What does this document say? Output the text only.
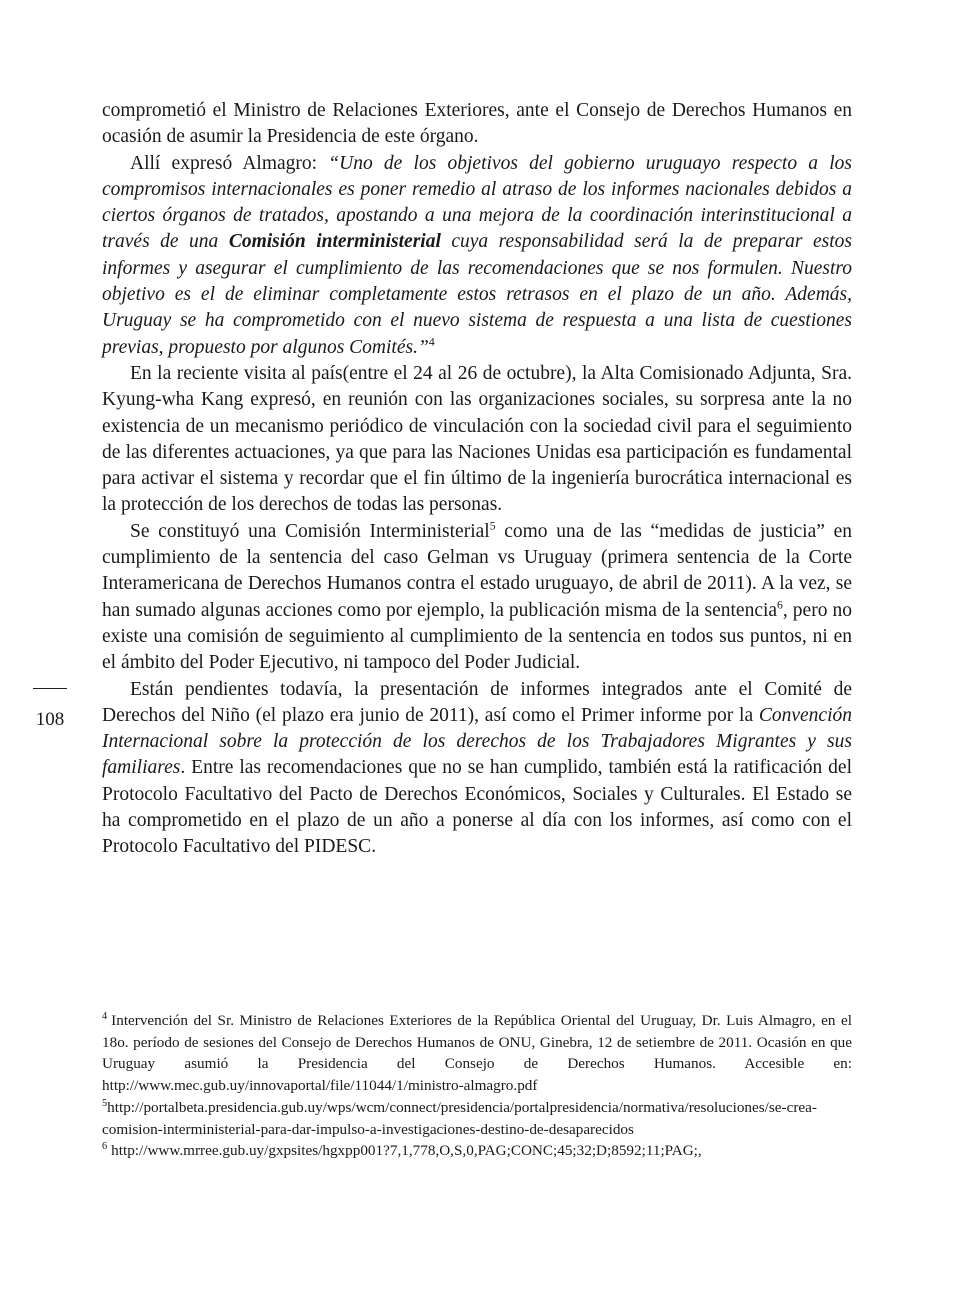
comprometió el Ministro de Relaciones Exteriores, ante el Consejo de Derechos Humanos en ocasión de asumir la Presidencia de este órgano.

Allí expresó Almagro: “Uno de los objetivos del gobierno uruguayo respecto a los compromisos internacionales es poner remedio al atraso de los informes nacionales debidos a ciertos órganos de tratados, apostando a una mejora de la coordinación interinstitucional a través de una Comisión interministerial cuya responsabilidad será la de preparar estos informes y asegurar el cumplimiento de las recomendaciones que se nos formulen. Nuestro objetivo es el de eliminar completamente estos retrasos en el plazo de un año. Además, Uruguay se ha comprometido con el nuevo sistema de respuesta a una lista de cuestiones previas, propuesto por algunos Comités.”$^4$

En la reciente visita al país(entre el 24 al 26 de octubre), la Alta Comisionado Adjunta, Sra. Kyung-wha Kang expresó, en reunión con las organizaciones sociales, su sorpresa ante la no existencia de un mecanismo periódico de vinculación con la sociedad civil para el seguimiento de las diferentes actuaciones, ya que para las Naciones Unidas esa participación es fundamental para activar el sistema y recordar que el fin último de la ingeniería burocrática internacional es la protección de los derechos de todas las personas.

Se constituyó una Comisión Interministerial$^5$ como una de las “medidas de justicia” en cumplimiento de la sentencia del caso Gelman vs Uruguay (primera sentencia de la Corte Interamericana de Derechos Humanos contra el estado uruguayo, de abril de 2011). A la vez, se han sumado algunas acciones como por ejemplo, la publicación misma de la sentencia$^6$, pero no existe una comisión de seguimiento al cumplimiento de la sentencia en todos sus puntos, ni en el ámbito del Poder Ejecutivo, ni tampoco del Poder Judicial.

Están pendientes todavía, la presentación de informes integrados ante el Comité de Derechos del Niño (el plazo era junio de 2011), así como el Primer informe por la Convención Internacional sobre la protección de los derechos de los Trabajadores Migrantes y sus familiares. Entre las recomendaciones que no se han cumplido, también está la ratificación del Protocolo Facultativo del Pacto de Derechos Económicos, Sociales y Culturales. El Estado se ha comprometido en el plazo de un año a ponerse al día con los informes, así como con el Protocolo Facultativo del PIDESC.

108

$^4$ Intervención del Sr. Ministro de Relaciones Exteriores de la República Oriental del Uruguay, Dr. Luis Almagro, en el 18o. período de sesiones del Consejo de Derechos Humanos de ONU, Ginebra, 12 de setiembre de 2011. Ocasión en que Uruguay asumió la Presidencia del Consejo de Derechos Humanos. Accesible en: http://www.mec.gub.uy/innovaportal/file/11044/1/ministro-almagro.pdf

$^5$http://portalbeta.presidencia.gub.uy/wps/wcm/connect/presidencia/portalpresidencia/normativa/resoluciones/se-crea-comision-interministerial-para-dar-impulso-a-investigaciones-destino-de-desaparecidos

$^6$ http://www.mrree.gub.uy/gxpsites/hgxpp001?7,1,778,O,S,0,PAG;CONC;45;32;D;8592;11;PAG;,
